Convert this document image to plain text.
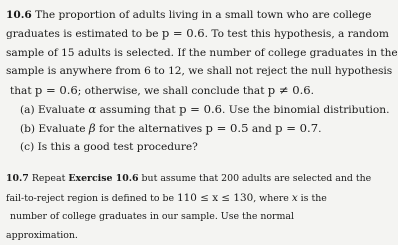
10.6 The proportion of adults living in a small town who are college
graduates is estimated to be p = 0.6. To test this hypothesis, a random
sample of 15 adults is selected. If the number of college graduates in the
sample is anywhere from 6 to 12, we shall not reject the null hypothesis
that p = 0.6; otherwise, we shall conclude that p ≠ 0.6.
(a) Evaluate α assuming that p = 0.6. Use the binomial distribution.
(b) Evaluate β for the alternatives p = 0.5 and p = 0.7.
(c) Is this a good test procedure?
10.7 Repeat Exercise 10.6 but assume that 200 adults are selected and the
fail-to-reject region is defined to be 110 ≤ x ≤ 130, where x is the
number of college graduates in our sample. Use the normal
approximation.
